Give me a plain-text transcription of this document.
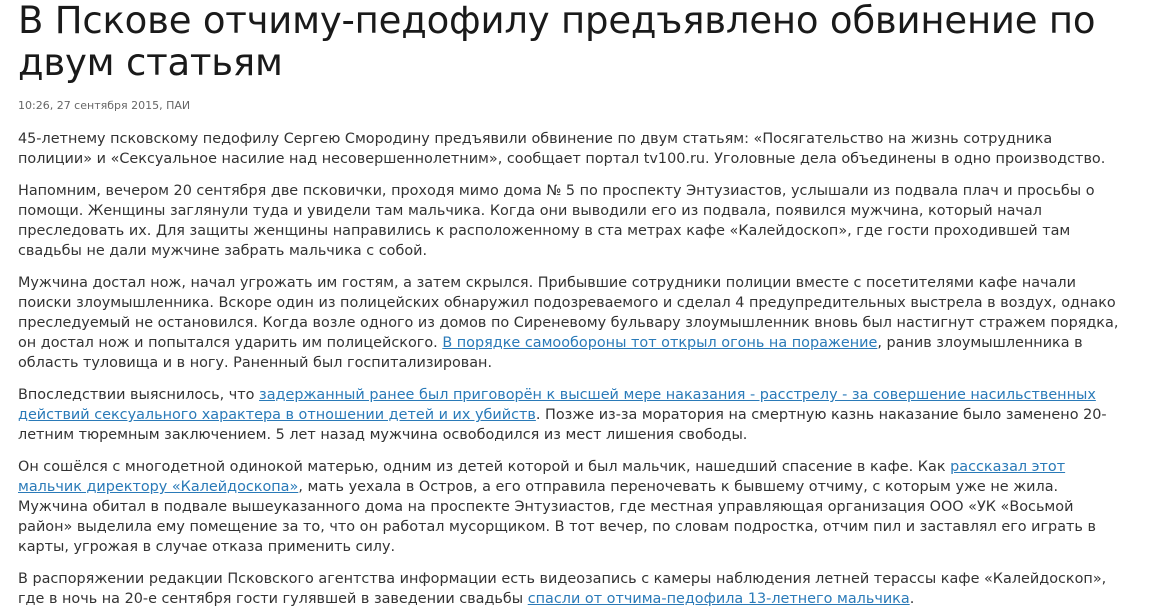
В Пскове отчиму-педофилу предъявлено обвинение по двум статьям
10:26, 27 сентября 2015, ПАИ

45-летнему псковскому педофилу Сергею Смородину предъявили обвинение по двум статьям: «Посягательство на жизнь сотрудника полиции» и «Сексуальное насилие над несовершеннолетним», сообщает портал tv100.ru. Уголовные дела объединены в одно производство.

Напомним, вечером 20 сентября две псковички, проходя мимо дома № 5 по проспекту Энтузиастов, услышали из подвала плач и просьбы о помощи. Женщины заглянули туда и увидели там мальчика. Когда они выводили его из подвала, появился мужчина, который начал преследовать их. Для защиты женщины направились к расположенному в ста метрах кафе «Калейдоскоп», где гости проходившей там свадьбы не дали мужчине забрать мальчика с собой.

Мужчина достал нож, начал угрожать им гостям, а затем скрылся. Прибывшие сотрудники полиции вместе с посетителями кафе начали поиски злоумышленника. Вскоре один из полицейских обнаружил подозреваемого и сделал 4 предупредительных выстрела в воздух, однако преследуемый не остановился. Когда возле одного из домов по Сиреневому бульвару злоумышленник вновь был настигнут стражем порядка, он достал нож и попытался ударить им полицейского. В порядке самообороны тот открыл огонь на поражение, ранив злоумышленника в область туловища и в ногу. Раненный был госпитализирован.

Впоследствии выяснилось, что задержанный ранее был приговорён к высшей мере наказания - расстрелу - за совершение насильственных действий сексуального характера в отношении детей и их убийств. Позже из-за моратория на смертную казнь наказание было заменено 20-летним тюремным заключением. 5 лет назад мужчина освободился из мест лишения свободы.

Он сошёлся с многодетной одинокой матерью, одним из детей которой и был мальчик, нашедший спасение в кафе. Как рассказал этот мальчик директору «Калейдоскопа», мать уехала в Остров, а его отправила переночевать к бывшему отчиму, с которым уже не жила. Мужчина обитал в подвале вышеуказанного дома на проспекте Энтузиастов, где местная управляющая организация ООО «УК «Восьмой район» выделила ему помещение за то, что он работал мусорщиком. В тот вечер, по словам подростка, отчим пил и заставлял его играть в карты, угрожая в случае отказа применить силу.

В распоряжении редакции Псковского агентства информации есть видеозапись с камеры наблюдения летней терассы кафе «Калейдоскоп», где в ночь на 20-е сентября гости гулявшей в заведении свадьбы спасли от отчима-педофила 13-летнего мальчика.
